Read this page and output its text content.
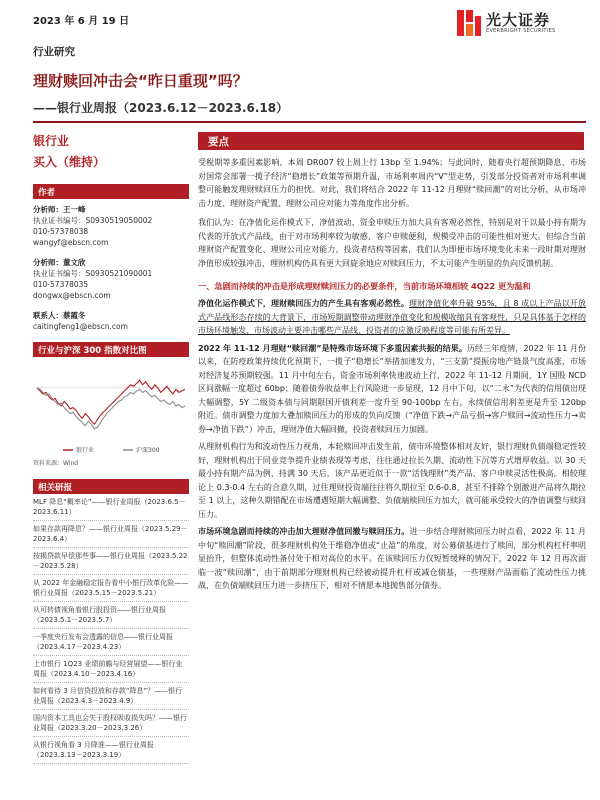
2023 年 6 月 19 日	光大证券
EVERBRIGHT SECURITIES
行业研究
理财赎回冲击会“昨日重现”吗？
——银行业周报（2023.6.12－2023.6.18）
银行业
买入（维持）
作者
分析师：王一峰
执业证书编号：S0930519050002
010-57378038
wangyf@ebscn.com
分析师：董文欣
执业证书编号：S0930521090001
010-57378035
dongwx@ebscn.com
联系人：蔡霞冬
caitingfeng1@ebscn.com
行业与沪深 300 指数对比图
银行业	沪深300
资料来源：Wind
相关研报
MLF 降息“概率论”——银行业周报（2023.6.5－2023.6.11）
如果存款再降息？——银行业周报（2023.5.29－2023.6.4）
按揭贷款早偿那些事——银行业周报（2023.5.22－2023.5.28）
从 2022 年金融稳定报告看中小银行改革化险——银行业周报（2023.5.15－2023.5.21）
从可转债视角看银行股投资——银行业周报（2023.5.1－2023.5.7）
一季度央行发布会透露的信息——银行业周报（2023.4.17－2023.4.23）
上市银行 1Q23 业绩前瞻与经营展望——银行业周报（2023.4.10－2023.4.16）
如何看待 3 月信贷投放和存款“降息”？——银行业周报（2023.4.3－2023.4.9）
国内资本工具也会失于股权吸收损失吗？——银行业周报（2023.3.20－2023.3.26）
从银行视角看 3 月降准——银行业周报（2023.3.13－2023.3.19）
要点

受税期等多重因素影响，本周 DR007 较上周上行 13bp 至 1.94%；与此同时，随着央行超预期降息、市场对国常会部署一揽子经济“稳增长”政策等预期升温，市场利率周内“V”型走势，引发部分投资者对市场利率调整可能触发理财赎回压力的担忧。对此，我们将结合 2022 年 11-12 月理财“赎回潮”的对比分析，从市场冲击力度、理财资产配置、理财公司应对能力等角度作出分析。

我们认为：在净值化运作模式下，净值波动、资金申赎压力加大具有客观必然性，特别是对于以最小持有期为代表的开放式产品线，由于对市场利率较为敏感、客户申赎便利，规模受冲击的可能性相对更大。但综合当前理财资产配置变化、理财公司应对能力、投资者结构等因素，我们认为即便市场环境变化未来一段时期对理财净值形成较强冲击，理财机构仍具有更大回旋余地应对赎回压力，不太可能产生明显的负向反馈机制。

一、急剧而持续的冲击是形成理财赎回压力的必要条件，当前市场环境相较 4Q22 更为温和

净值化运作模式下，理财赎回压力的产生具有客观必然性。理财净值化率升破 95%，且 8 成以上产品以开放式产品线形态存续的大背景下，市场短期调整带动理财净值变化和规模收缩具有客观性，只是具体基于怎样的市场环境触发、市场波动主要冲击哪些产品线、投资者的应激反映程度等可能有所差异。

2022 年 11-12 月理财“赎回潮”是特殊市场环境下多重因素共振的结果。历经三年疫情，2022 年 11 月份以来，在防疫政策持续优化预期下，一揽子“稳增长”举措加速发力，“三支箭”提振房地产链景气度高涨，市场对经济复苏预期较强。11 月中旬左右，资金市场利率快速波动上行，2022 年 11-12 月期间，1Y 国股 NCD 区间涨幅一度超过 60bp；随着债券收益率上行风险进一步显现，12 月中下旬，以“二永”为代表的信用债出现大幅调整，5Y 二级资本债与同期限国开债利差一度升至 90-100bp 左右，永续债信用利差更是升至 120bp 附近。债市调整力度加大叠加赎回压力的形成的负向反馈（“净值下跌→产品亏损→客户赎回→流动性压力→卖券→净值下跌”）冲击，理财净值大幅回撤，投资者赎回压力加剧。

从理财机构行为和流动性压力视角，本轮赎回冲击发生前，债市环境整体相对友好，银行理财负债端稳定性较好，理财机构出于同业竞争提升业绩表现等考虑，往往通过拉长久期、流动性下沉等方式增厚收益。以 30 天最小持有期产品为例，持满 30 天后，该产品更近似于一款“活钱理财”类产品、客户申赎灵活性极高。相较理论上 0.3-0.4 左右的合意久期，过往理财投资端往往将久期拉至 0.6-0.8，甚至不排除个别激进产品将久期拉至 1 以上，这种久期错配在市场遭遇短期大幅调整、负债端赎回压力加大，就可能承受较大的净值调整与赎回压力。

市场环境急剧而持续的冲击加大理财净值回撤与赎回压力。进一步结合理财赎回压力时点看，2022 年 11 月中旬“赎回潮”阶段，很多理财机构处于维稳净值或“止盈”的角度，对公募债基进行了赎回，部分机构杠杆率明显抬升，但整体流动性备付处于相对高位的水平。在该赎回压力仅短暂缓释的情况下，2022 年 12 月再次面临一波“赎回潮”，由于前期部分理财机构已经被动提升杠杆或减仓债基，一些理财产品面临了流动性压力挑战，在负债端赎回压力进一步挤压下，相对不情愿本地抛售部分债券。
